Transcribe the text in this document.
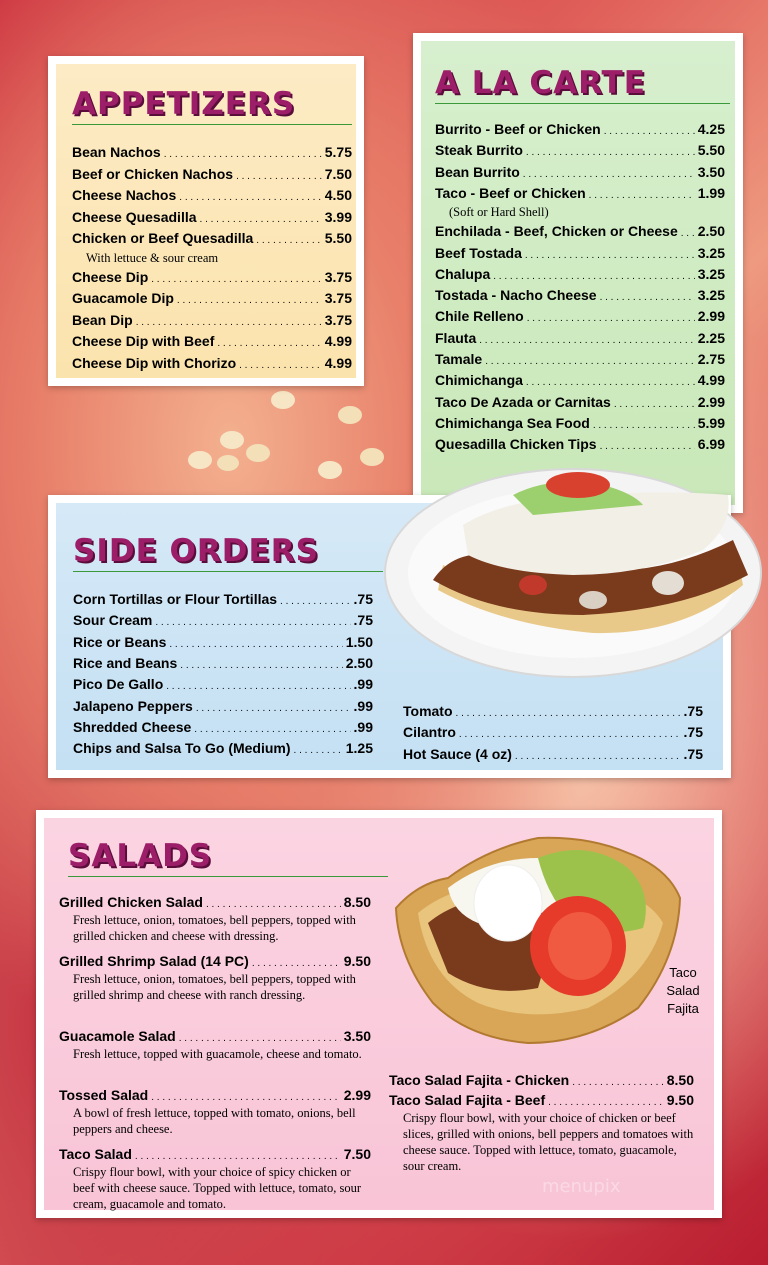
APPETIZERS
Bean Nachos . . .	5.75
Beef or Chicken Nachos . . .	7.50
Cheese Nachos . . .	4.50
Cheese Quesadilla . . .	3.99
Chicken or Beef Quesadilla . . .	5.50
With lettuce & sour cream
Cheese Dip . . .	3.75
Guacamole Dip . . .	3.75
Bean Dip . . .	3.75
Cheese Dip with Beef . . .	4.99
Cheese Dip with Chorizo . . .	4.99
A LA CARTE
Burrito - Beef or Chicken . . .	4.25
Steak Burrito . . .	5.50
Bean Burrito . . .	3.50
Taco - Beef or Chicken . . .	1.99
(Soft or Hard Shell)
Enchilada - Beef, Chicken or Cheese . . . 2.50
Beef Tostada . . .	3.25
Chalupa . . .	3.25
Tostada - Nacho Cheese . . .	3.25
Chile Relleno . . .	2.99
Flauta . . .	2.25
Tamale . . .	2.75
Chimichanga . . .	4.99
Taco De Azada or Carnitas . . .	2.99
Chimichanga Sea Food . . .	5.99
Quesadilla Chicken Tips . . .	6.99
SIDE ORDERS
Corn Tortillas or Flour Tortillas . . .	.75
Sour Cream . . .	.75
Rice or Beans . . .	1.50
Rice and Beans . . .	2.50
Pico De Gallo . . .	.99
Jalapeno Peppers . . .	.99
Shredded Cheese . . .	.99
Chips and Salsa To Go (Medium) . . .	1.25
Tomato . . .	.75
Cilantro . . .	.75
Hot Sauce (4 oz) . . .	.75
SALADS
Grilled Chicken Salad . . .	8.50
Fresh lettuce, onion, tomatoes, bell peppers, topped with grilled chicken and cheese with dressing.
Grilled Shrimp Salad (14 PC) . . .	9.50
Fresh lettuce, onion, tomatoes, bell peppers, topped with grilled shrimp and cheese with ranch dressing.
Guacamole Salad . . .	3.50
Fresh lettuce, topped with guacamole, cheese and tomato.
Tossed Salad . . .	2.99
A bowl of fresh lettuce, topped with tomato, onions, bell peppers and cheese.
Taco Salad . . .	7.50
Crispy flour bowl, with your choice of spicy chicken or beef with cheese sauce. Topped with lettuce, tomato, sour cream, guacamole and tomato.
Taco Salad Fajita - Chicken . . .	8.50
Taco Salad Fajita - Beef . . .	9.50
Crispy flour bowl, with your choice of chicken or beef slices, grilled with onions, bell peppers and tomatoes with cheese sauce. Topped with lettuce, tomato, guacamole, sour cream.
Taco
Salad
Fajita
menupix
